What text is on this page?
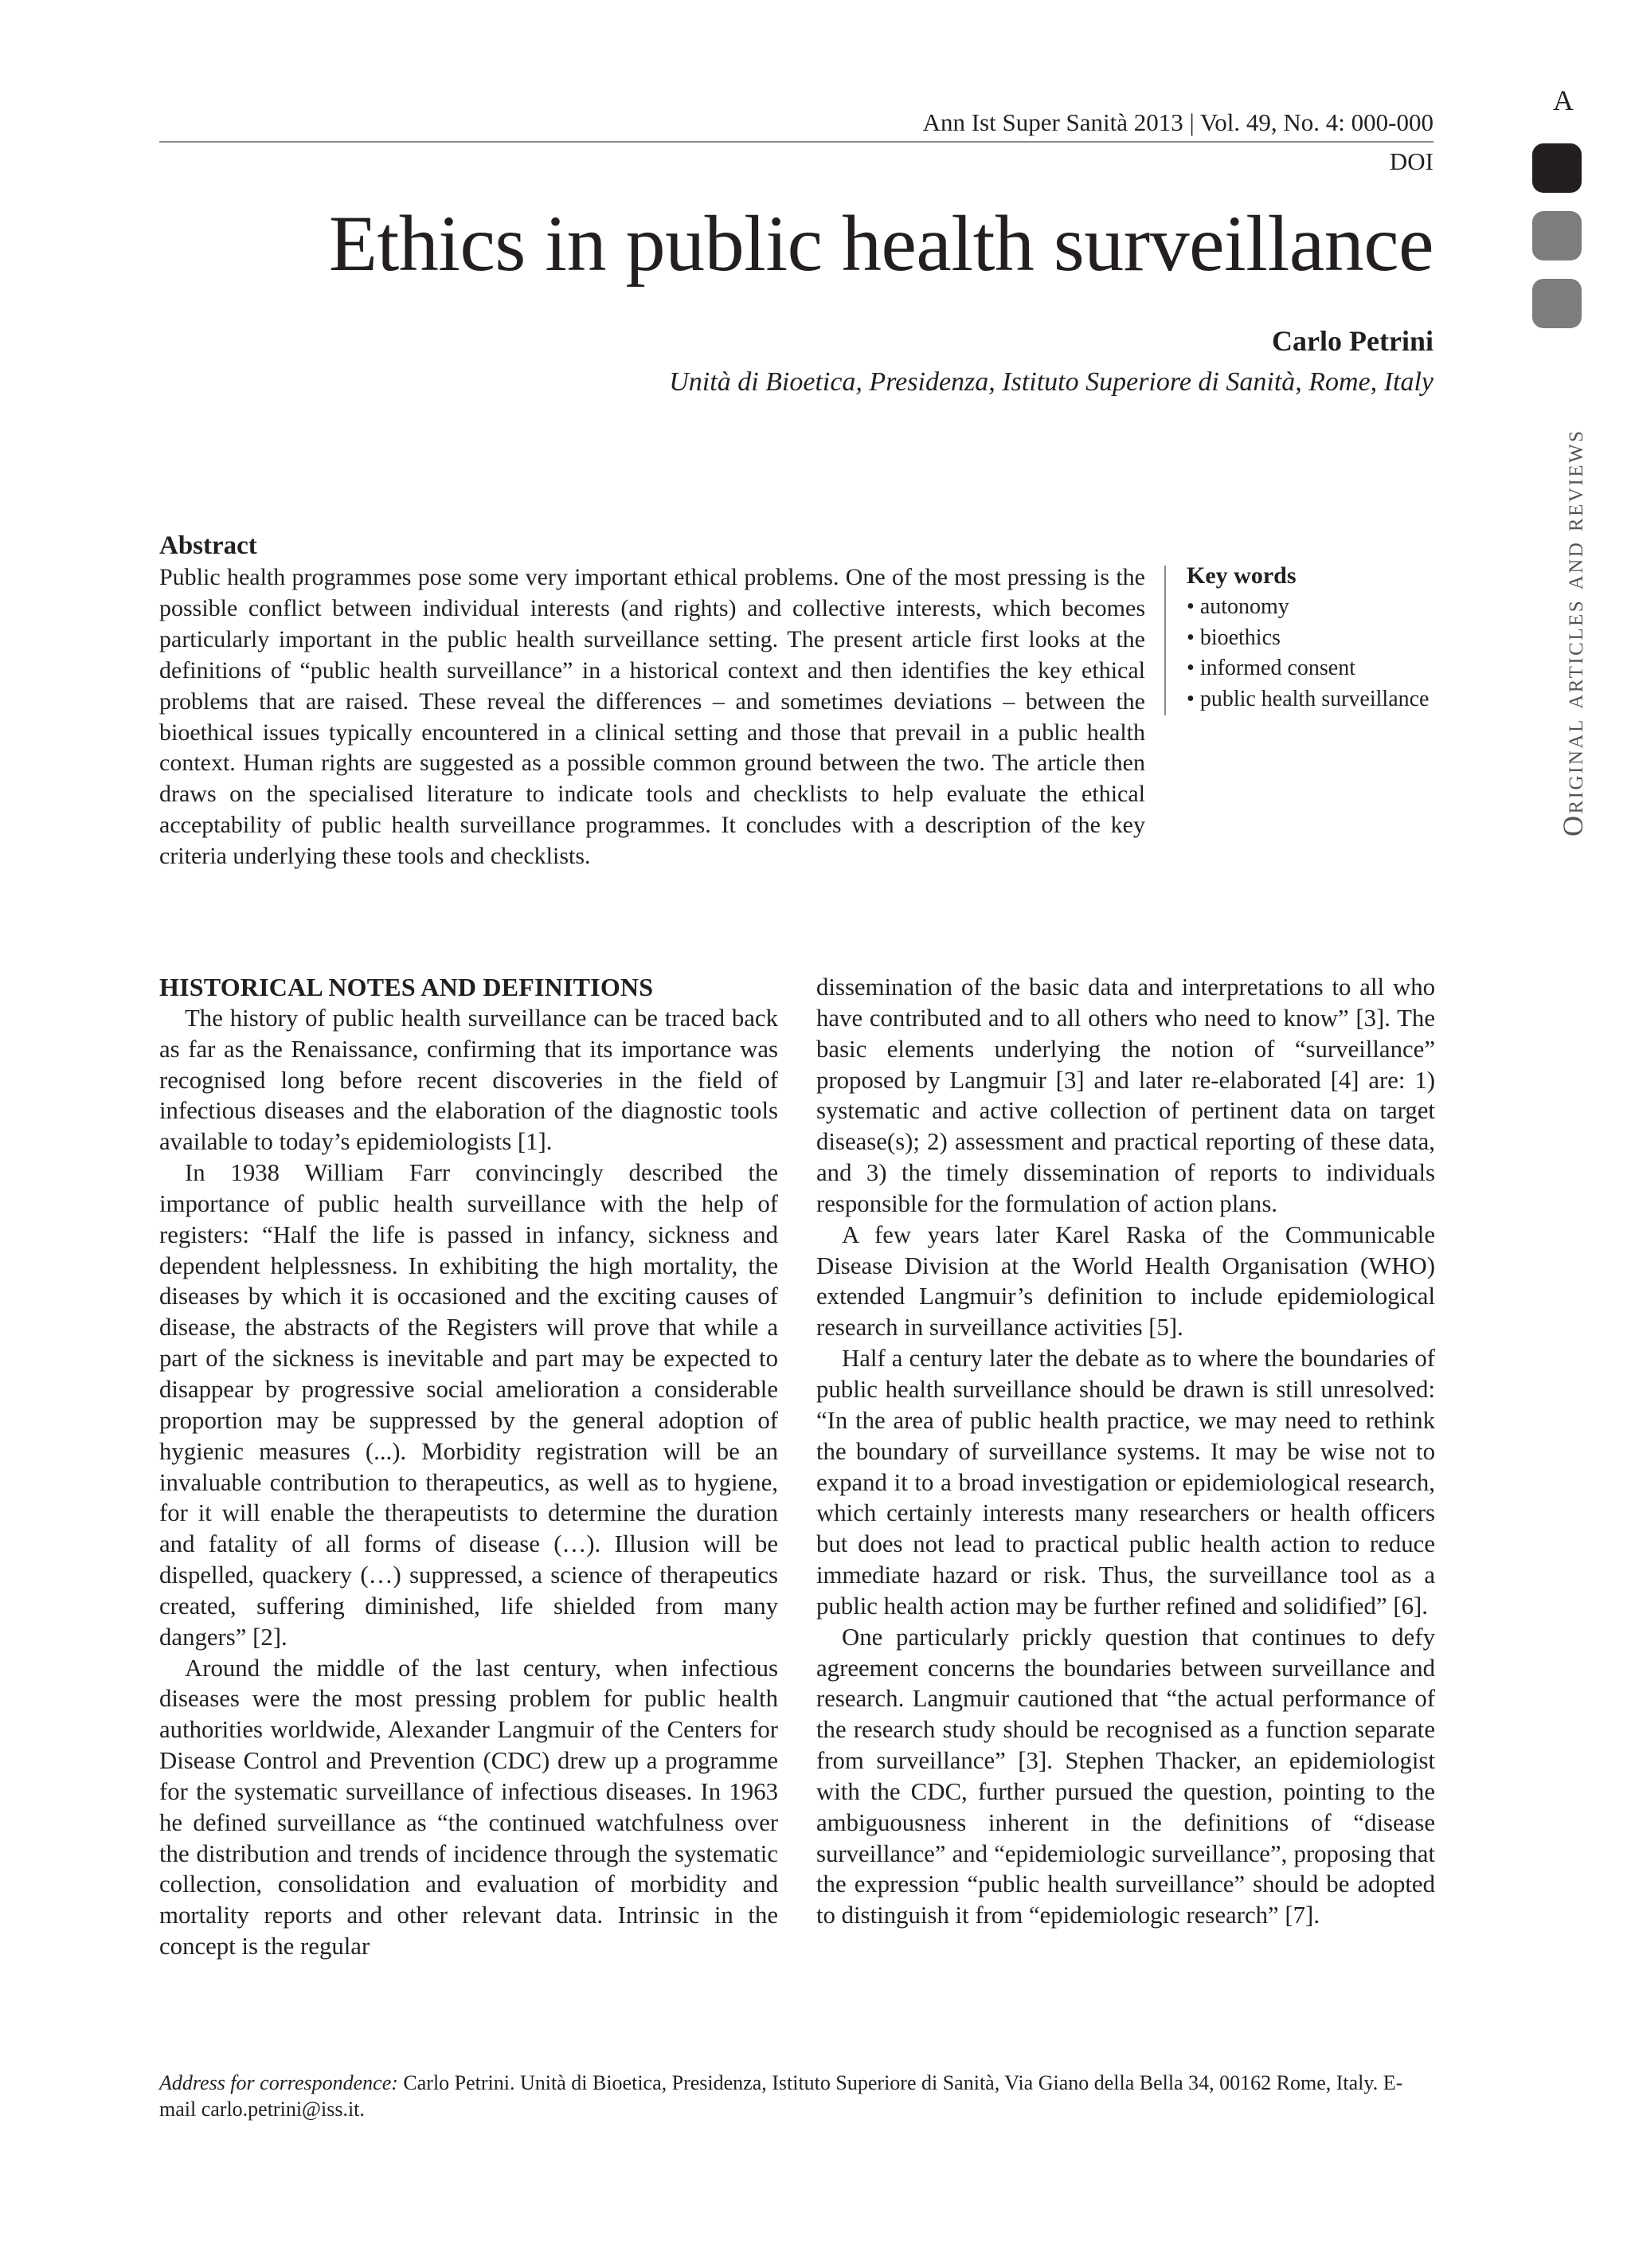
Ann Ist Super Sanità 2013 | Vol. 49, No. 4: 000-000
DOI
Ethics in public health surveillance
Carlo Petrini
Unità di Bioetica, Presidenza, Istituto Superiore di Sanità, Rome, Italy
A
Original articles and reviews
Abstract
Public health programmes pose some very important ethical problems. One of the most pressing is the possible conflict between individual interests (and rights) and collective interests, which becomes particularly important in the public health surveillance setting. The present article first looks at the definitions of “public health surveillance” in a historical context and then identifies the key ethical problems that are raised. These reveal the differences – and sometimes deviations – between the bioethical issues typically encountered in a clinical setting and those that prevail in a public health context. Human rights are suggested as a possible common ground between the two. The article then draws on the specialised literature to indicate tools and checklists to help evaluate the ethical acceptability of public health surveillance programmes. It concludes with a description of the key criteria underlying these tools and checklists.
Key words
• autonomy
• bioethics
• informed consent
• public health surveillance
HISTORICAL NOTES AND DEFINITIONS

The history of public health surveillance can be traced back as far as the Renaissance, confirming that its importance was recognised long before recent discoveries in the field of infectious diseases and the elaboration of the diagnostic tools available to today’s epidemiologists [1].

In 1938 William Farr convincingly described the importance of public health surveillance with the help of registers: “Half the life is passed in infancy, sickness and dependent helplessness. In exhibiting the high mortality, the diseases by which it is occasioned and the exciting causes of disease, the abstracts of the Registers will prove that while a part of the sickness is inevitable and part may be expected to disappear by progressive social amelioration a considerable proportion may be suppressed by the general adoption of hygienic measures (...). Morbidity registration will be an invaluable contribution to therapeutics, as well as to hygiene, for it will enable the therapeutists to determine the duration and fatality of all forms of disease (…). Illusion will be dispelled, quackery (…) suppressed, a science of therapeutics created, suffering diminished, life shielded from many dangers” [2].

Around the middle of the last century, when infectious diseases were the most pressing problem for public health authorities worldwide, Alexander Langmuir of the Centers for Disease Control and Prevention (CDC) drew up a programme for the systematic surveillance of infectious diseases. In 1963 he defined surveillance as “the continued watchfulness over the distribution and trends of incidence through the systematic collection, consolidation and evaluation of morbidity and mortality reports and other relevant data. Intrinsic in the concept is the regular

dissemination of the basic data and interpretations to all who have contributed and to all others who need to know” [3]. The basic elements underlying the notion of “surveillance” proposed by Langmuir [3] and later re-elaborated [4] are: 1) systematic and active collection of pertinent data on target disease(s); 2) assessment and practical reporting of these data, and 3) the timely dissemination of reports to individuals responsible for the formulation of action plans.

A few years later Karel Raska of the Communicable Disease Division at the World Health Organisation (WHO) extended Langmuir’s definition to include epidemiological research in surveillance activities [5].

Half a century later the debate as to where the boundaries of public health surveillance should be drawn is still unresolved: “In the area of public health practice, we may need to rethink the boundary of surveillance systems. It may be wise not to expand it to a broad investigation or epidemiological research, which certainly interests many researchers or health officers but does not lead to practical public health action to reduce immediate hazard or risk. Thus, the surveillance tool as a public health action may be further refined and solidified” [6].

One particularly prickly question that continues to defy agreement concerns the boundaries between surveillance and research. Langmuir cautioned that “the actual performance of the research study should be recognised as a function separate from surveillance” [3]. Stephen Thacker, an epidemiologist with the CDC, further pursued the question, pointing to the ambiguousness inherent in the definitions of “disease surveillance” and “epidemiologic surveillance”, proposing that the expression “public health surveillance” should be adopted to distinguish it from “epidemiologic research” [7].

Address for correspondence: Carlo Petrini. Unità di Bioetica, Presidenza, Istituto Superiore di Sanità, Via Giano della Bella 34, 00162 Rome, Italy. E-mail carlo.petrini@iss.it.
